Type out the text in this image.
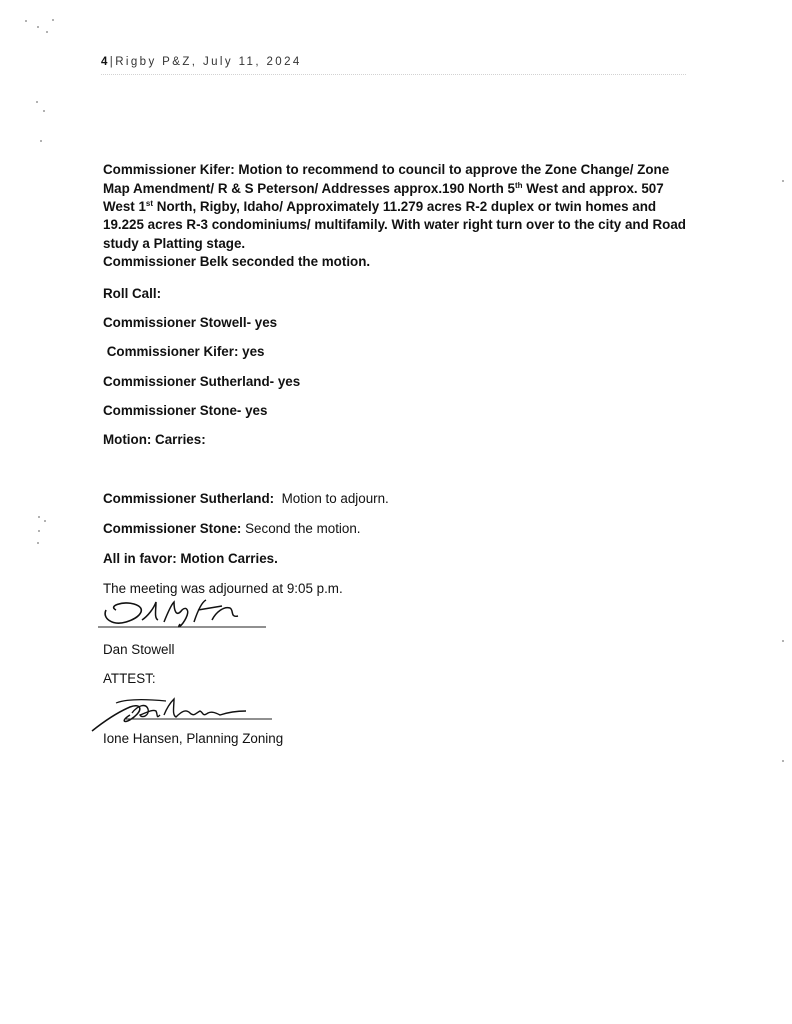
4|Rigby P&Z, July 11, 2024
Commissioner Kifer: Motion to recommend to council to approve the Zone Change/ Zone
Map Amendment/ R & S Peterson/ Addresses approx.190 North 5th West and approx. 507
West 1st North, Rigby, Idaho/ Approximately 11.279 acres R-2 duplex or twin homes and
19.225 acres R-3 condominiums/ multifamily. With water right turn over to the city and Road
study a Platting stage.
Commissioner Belk seconded the motion.
Roll Call:
Commissioner Stowell- yes
Commissioner Kifer: yes
Commissioner Sutherland- yes
Commissioner Stone- yes
Motion: Carries:
Commissioner Sutherland:  Motion to adjourn.
Commissioner Stone: Second the motion.
All in favor: Motion Carries.
The meeting was adjourned at 9:05 p.m.
Dan Stowell
ATTEST:
Ione Hansen, Planning Zoning
